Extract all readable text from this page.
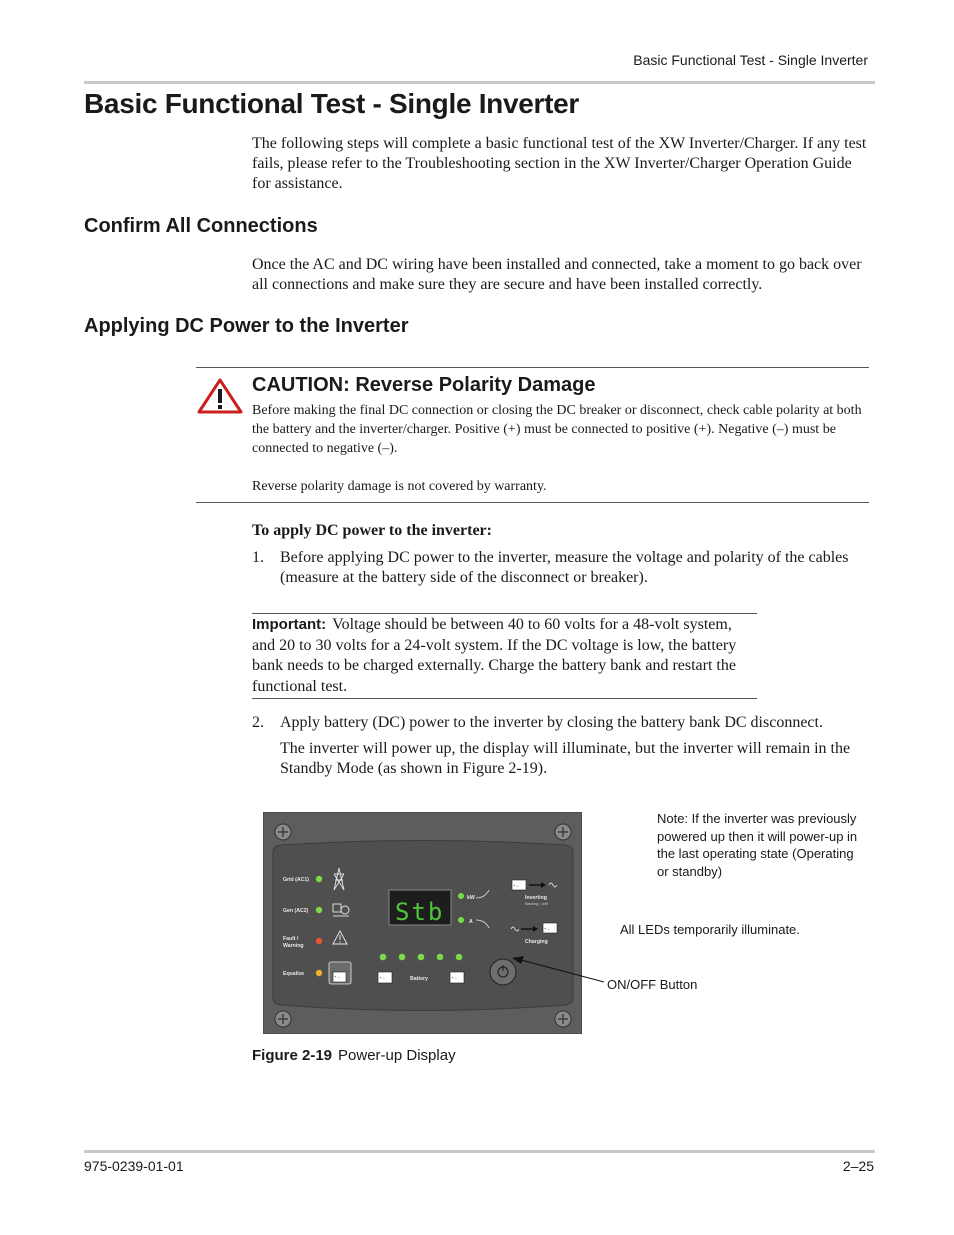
Basic Functional Test - Single Inverter
Basic Functional Test - Single Inverter
The following steps will complete a basic functional test of the XW Inverter/Charger. If any test fails, please refer to the Troubleshooting section in the XW Inverter/Charger Operation Guide for assistance.
Confirm All Connections
Once the AC and DC wiring have been installed and connected, take a moment to go back over all connections and make sure they are secure and have been installed correctly.
Applying DC Power to the Inverter
CAUTION: Reverse Polarity Damage
Before making the final DC connection or closing the DC breaker or disconnect, check cable polarity at both the battery and the inverter/charger. Positive (+) must be connected to positive (+). Negative (–) must be connected to negative (–).
Reverse polarity damage is not covered by warranty.
To apply DC power to the inverter:
1. Before applying DC power to the inverter, measure the voltage and polarity of the cables (measure at the battery side of the disconnect or breaker).
Important: Voltage should be between 40 to 60 volts for a 48-volt system, and 20 to 30 volts for a 24-volt system. If the DC voltage is low, the battery bank needs to be charged externally. Charge the battery bank and restart the functional test.
2. Apply battery (DC) power to the inverter by closing the battery bank DC disconnect.
The inverter will power up, the display will illuminate, but the inverter will remain in the Standby Mode (as shown in Figure 2-19).
Grid (AC1)
Gen (AC2)
Fault /
Warning
Equalize
kW
A
Inverting
Charging
Battery
flashing = sell
+ –
Stb
+ –
+ –
+ –	+ –
Note: If the inverter was previously powered up then it will power-up in the last operating state (Operating or standby)
All LEDs temporarily illuminate.
ON/OFF Button
Figure 2-19 Power-up Display
975-0239-01-01	2–25
